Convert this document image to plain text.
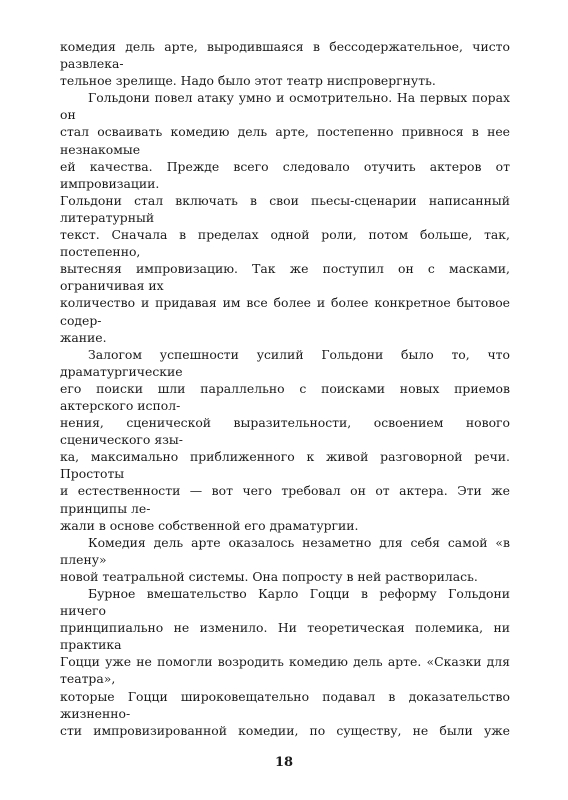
комедия дель арте, выродившаяся в бессодержательное, чисто развлека-
тельное зрелище. Надо было этот театр ниспровергнуть.

Гольдони повел атаку умно и осмотрительно. На первых порах он
стал осваивать комедию дель арте, постепенно привнося в нее незнакомые
ей качества. Прежде всего следовало отучить актеров от импровизации.
Гольдони стал включать в свои пьесы-сценарии написанный литературный
текст. Сначала в пределах одной роли, потом больше, так, постепенно,
вытесняя импровизацию. Так же поступил он с масками, ограничивая их
количество и придавая им все более и более конкретное бытовое содер-
жание.

Залогом успешности усилий Гольдони было то, что драматургические
его поиски шли параллельно с поисками новых приемов актерского испол-
нения, сценической выразительности, освоением нового сценического язы-
ка, максимально приближенного к живой разговорной речи. Простоты
и естественности — вот чего требовал он от актера. Эти же принципы ле-
жали в основе собственной его драматургии.

Комедия дель арте оказалось незаметно для себя самой «в плену»
новой театральной системы. Она попросту в ней растворилась.

Бурное вмешательство Карло Гоцци в реформу Гольдони ничего
принципиально не изменило. Ни теоретическая полемика, ни практика
Гоцци уже не помогли возродить комедию дель арте. «Сказки для театра»,
которые Гоцци широковещательно подавал в доказательство жизненно-
сти импровизированной комедии, по существу, не были уже

18
